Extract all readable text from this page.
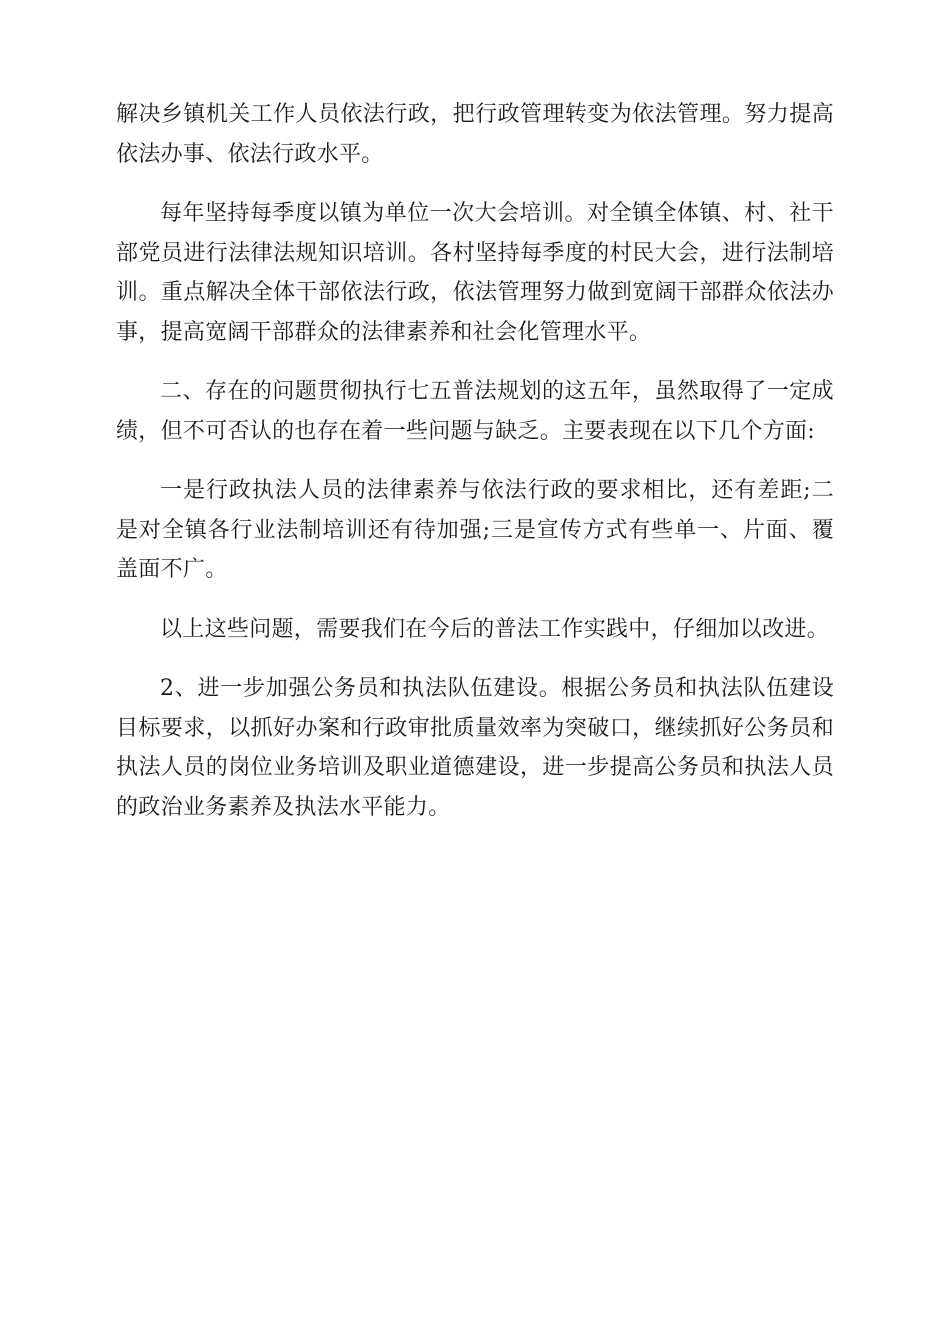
解决乡镇机关工作人员依法行政，把行政管理转变为依法管理。努力提高依法办事、依法行政水平。

每年坚持每季度以镇为单位一次大会培训。对全镇全体镇、村、社干部党员进行法律法规知识培训。各村坚持每季度的村民大会，进行法制培训。重点解决全体干部依法行政，依法管理努力做到宽阔干部群众依法办事，提高宽阔干部群众的法律素养和社会化管理水平。

二、存在的问题贯彻执行七五普法规划的这五年，虽然取得了一定成绩，但不可否认的也存在着一些问题与缺乏。主要表现在以下几个方面:

一是行政执法人员的法律素养与依法行政的要求相比，还有差距;二是对全镇各行业法制培训还有待加强;三是宣传方式有些单一、片面、覆盖面不广。

以上这些问题，需要我们在今后的普法工作实践中，仔细加以改进。

2、进一步加强公务员和执法队伍建设。根据公务员和执法队伍建设目标要求，以抓好办案和行政审批质量效率为突破口，继续抓好公务员和执法人员的岗位业务培训及职业道德建设，进一步提高公务员和执法人员的政治业务素养及执法水平能力。
